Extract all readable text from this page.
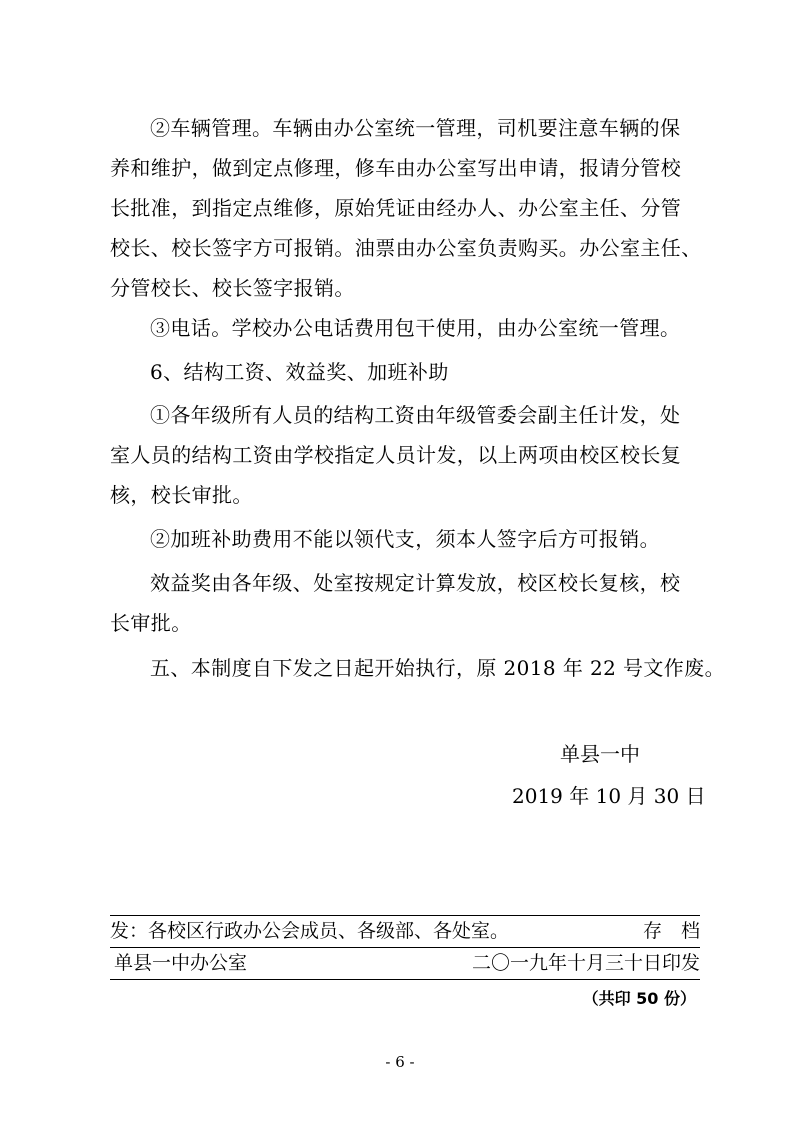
②车辆管理。车辆由办公室统一管理，司机要注意车辆的保
养和维护，做到定点修理，修车由办公室写出申请，报请分管校
长批准，到指定点维修，原始凭证由经办人、办公室主任、分管
校长、校长签字方可报销。油票由办公室负责购买。办公室主任、
分管校长、校长签字报销。
③电话。学校办公电话费用包干使用，由办公室统一管理。
6、结构工资、效益奖、加班补助
①各年级所有人员的结构工资由年级管委会副主任计发，处
室人员的结构工资由学校指定人员计发，以上两项由校区校长复
核，校长审批。
②加班补助费用不能以领代支，须本人签字后方可报销。
效益奖由各年级、处室按规定计算发放，校区校长复核，校
长审批。
五、本制度自下发之日起开始执行，原 2018 年 22 号文作废。
单县一中
2019 年 10 月 30 日
发：各校区行政办公会成员、各级部、各处室。	存　档
单县一中办公室	二〇一九年十月三十日印发
（共印 50 份）
- 6 -
